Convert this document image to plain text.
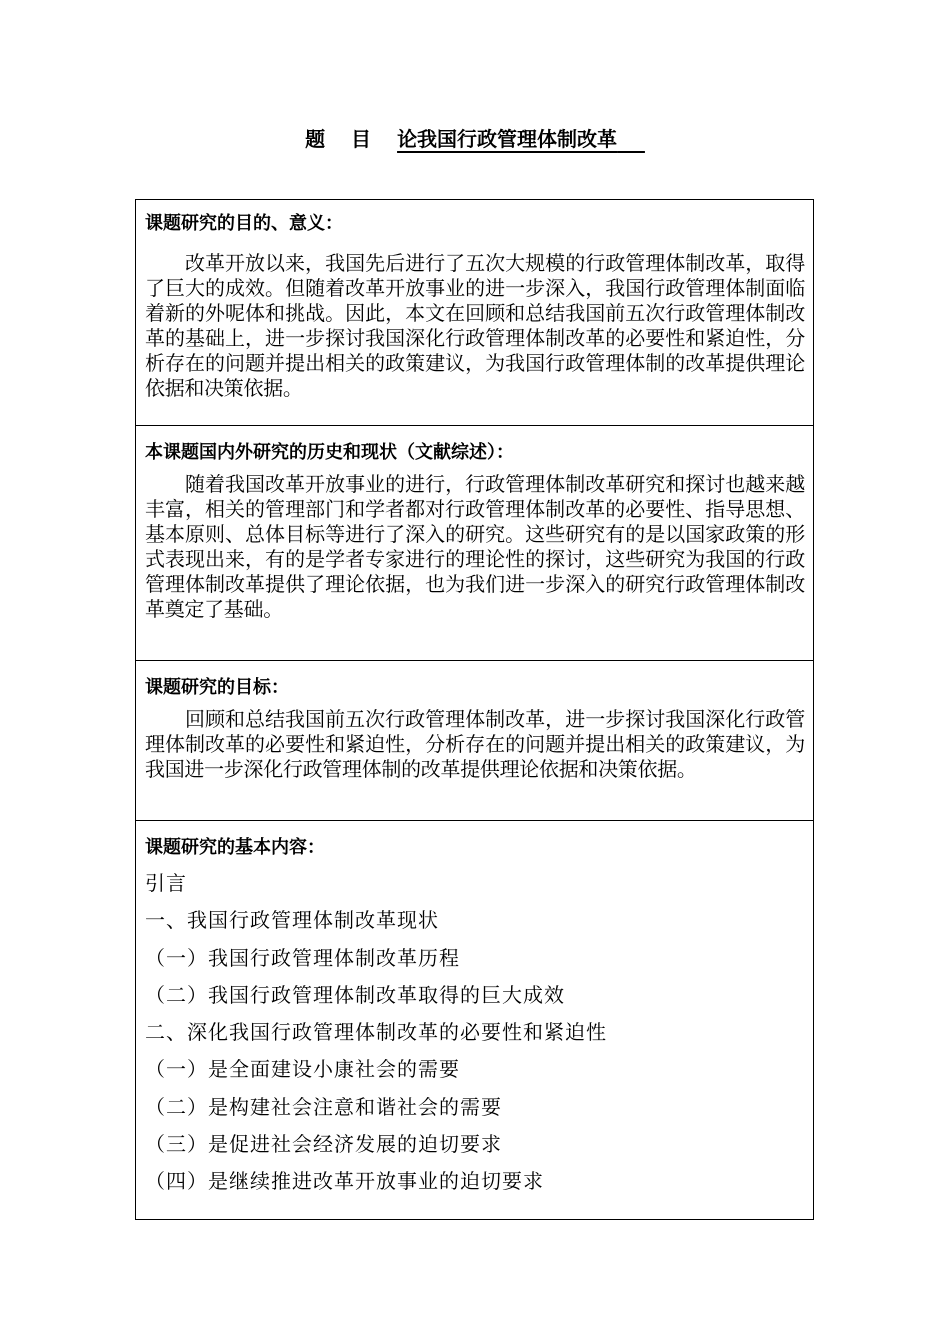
题目论我国行政管理体制改革
课题研究的目的、意义：

改革开放以来，我国先后进行了五次大规模的行政管理体制改革，取得了巨大的成效。但随着改革开放事业的进一步深入，我国行政管理体制面临着新的外呢体和挑战。因此，本文在回顾和总结我国前五次行政管理体制改革的基础上，进一步探讨我国深化行政管理体制改革的必要性和紧迫性，分析存在的问题并提出相关的政策建议，为我国行政管理体制的改革提供理论依据和决策依据。

本课题国内外研究的历史和现状（文献综述）：

随着我国改革开放事业的进行，行政管理体制改革研究和探讨也越来越丰富，相关的管理部门和学者都对行政管理体制改革的必要性、指导思想、基本原则、总体目标等进行了深入的研究。这些研究有的是以国家政策的形式表现出来，有的是学者专家进行的理论性的探讨，这些研究为我国的行政管理体制改革提供了理论依据，也为我们进一步深入的研究行政管理体制改革奠定了基础。

课题研究的目标：

回顾和总结我国前五次行政管理体制改革，进一步探讨我国深化行政管理体制改革的必要性和紧迫性，分析存在的问题并提出相关的政策建议，为我国进一步深化行政管理体制的改革提供理论依据和决策依据。

课题研究的基本内容：
引言
一、我国行政管理体制改革现状
（一）我国行政管理体制改革历程
（二）我国行政管理体制改革取得的巨大成效
二、深化我国行政管理体制改革的必要性和紧迫性
（一）是全面建设小康社会的需要
（二）是构建社会注意和谐社会的需要
（三）是促进社会经济发展的迫切要求
（四）是继续推进改革开放事业的迫切要求
